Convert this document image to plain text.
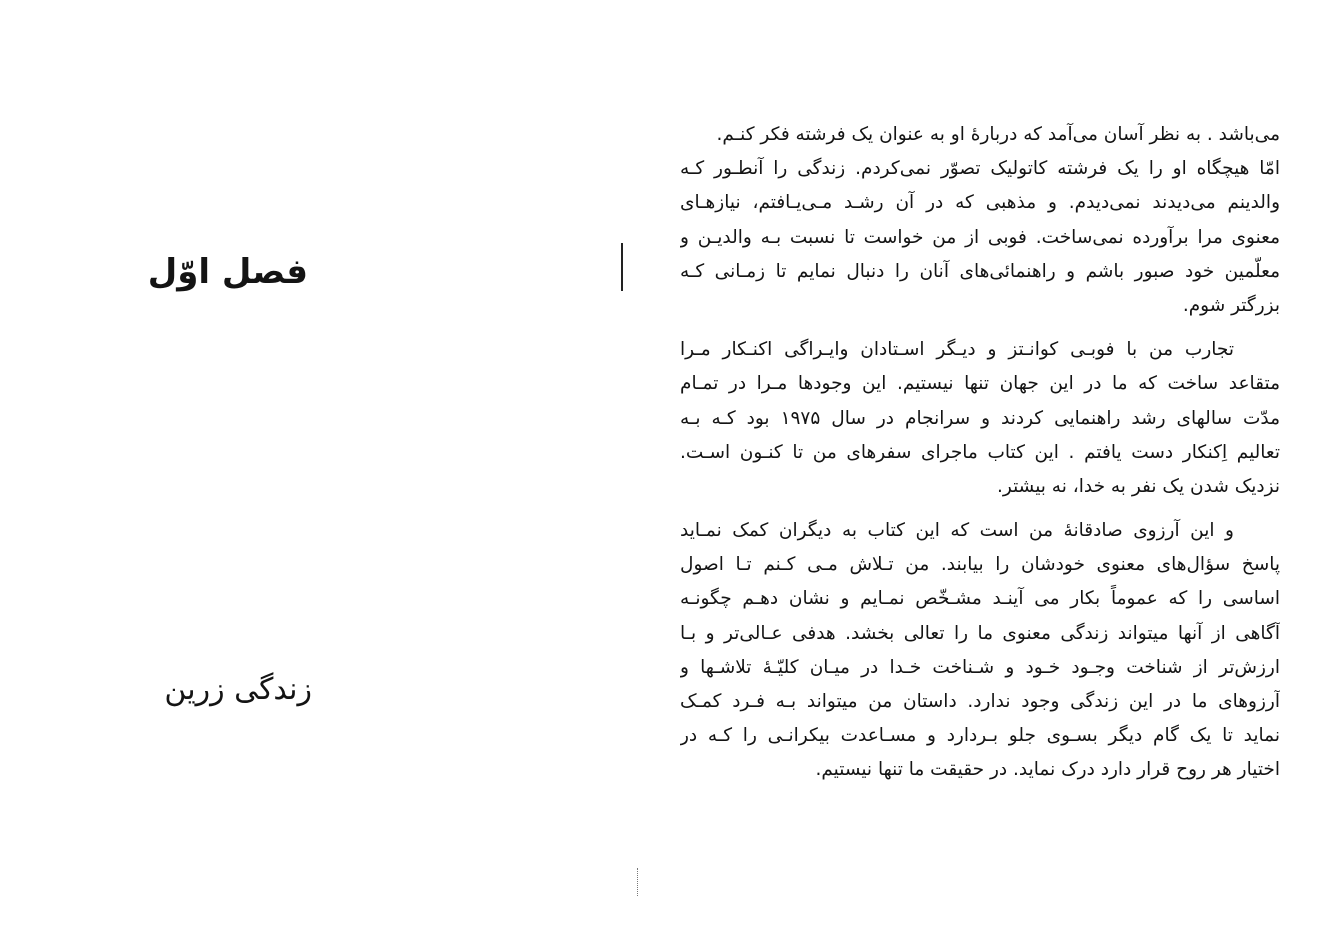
فصل اوّل
زندگی زرین
می‌باشد . به نظر آسان می‌آمد که دربارهٔ او به عنوان یک فرشته فکر کنـم.
امّا هیچگاه او را یک فرشته کاتولیک تصوّر نمی‌کردم. زندگی را آنطـور کـه
والدینم می‌دیدند نمی‌دیدم. و مذهبی که در آن رشـد مـی‌یـافتم، نیازهـای
معنوی مرا برآورده نمی‌ساخت. فوبی از من خواست تا نسبت بـه والدیـن و
معلّمین خود صبور باشم و راهنمائی‌های آنان را دنبال نمایم تا زمـانی کـه
بزرگتر شوم.
تجارب من با فوبـی کوانـتز و دیـگر اسـتادان وایـراگی اکنـکار مـرا
متقاعد ساخت که ما در این جهان تنها نیستیم. این وجودها مـرا در تمـام
مدّت سالهای رشد راهنمایی کردند و سرانجام در سال ۱۹۷۵ بود کـه بـه
تعالیم اِکنکار دست یافتم . این کتاب ماجرای سفرهای من تا کنـون اسـت.
نزدیک شدن یک نفر به خدا، نه بیشتر.
و این آرزوی صادقانهٔ من است که این کتاب به دیگران کمک نمـاید
پاسخ سؤال‌های معنوی خودشان را بیابند. من تـلاش مـی کـنم تـا اصول
اساسی را که عموماً بکار می آینـد مشـخّص نمـایم و نشان دهـم چگونـه
آگاهی از آنها میتواند زندگی معنوی ما را تعالی بخشد. هدفی عـالی‌تر و بـا
ارزش‌تر از شناخت وجـود خـود و شـناخت خـدا در میـان کلیّـهٔ تلاشـها و
آرزوهای ما در این زندگی وجود ندارد. داستان من میتواند بـه فـرد کمـک
نماید تا یک گام دیگر بسـوی جلو بـردارد و مسـاعدت بیکرانـی را کـه در
اختیار هر روح قرار دارد درک نماید. در حقیقت ما تنها نیستیم.
